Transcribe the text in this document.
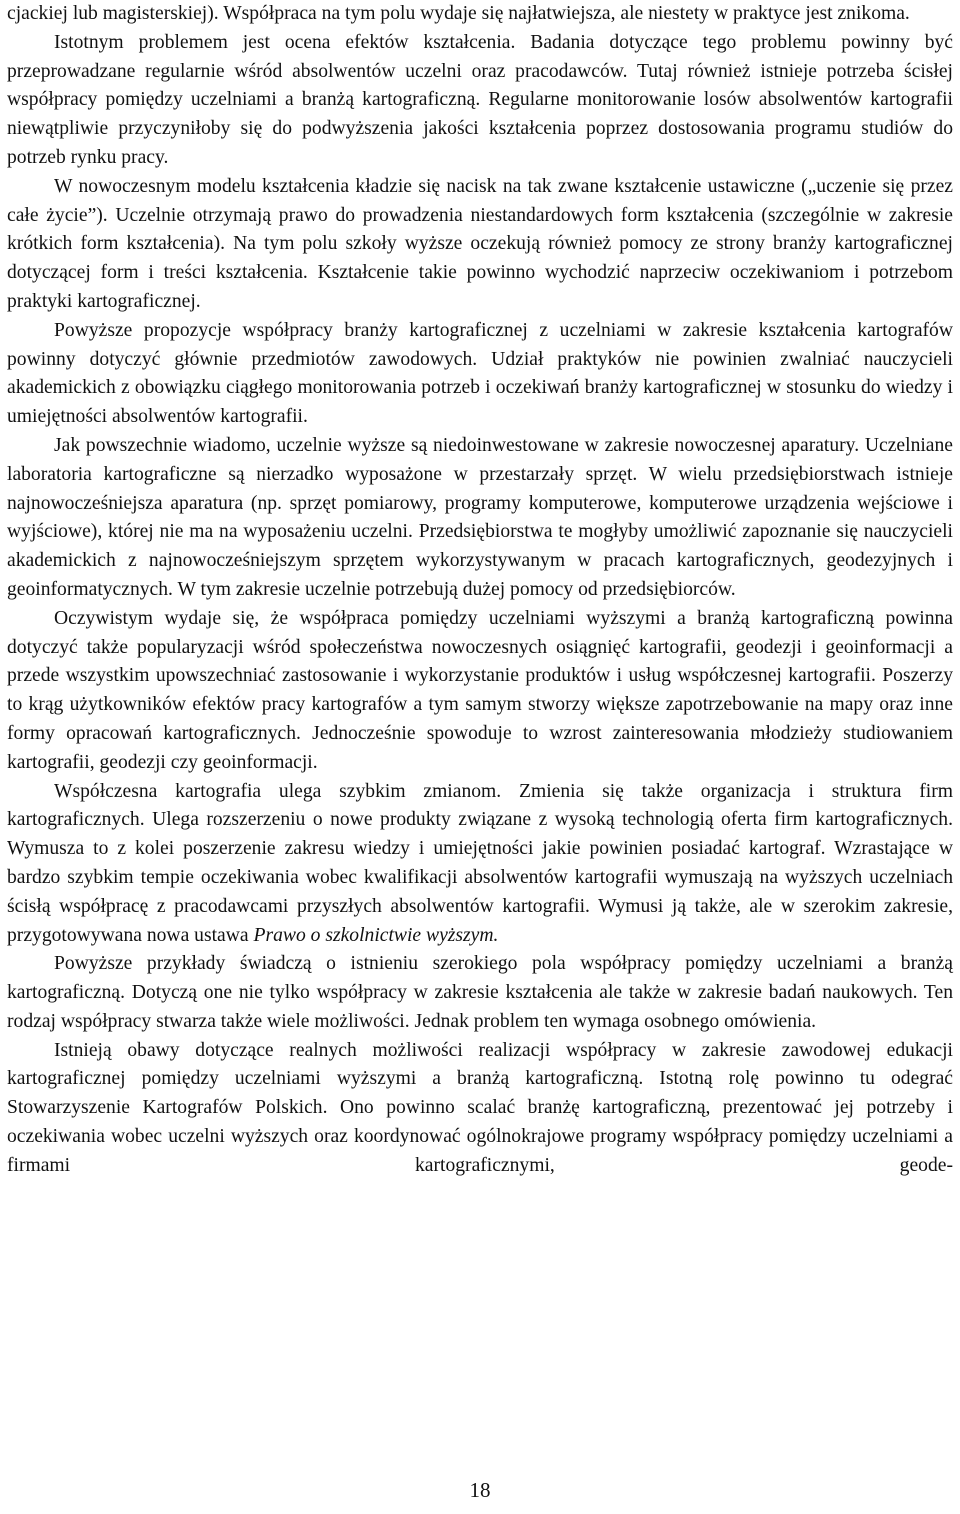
cjackiej lub magisterskiej). Współpraca na tym polu wydaje się najłatwiejsza, ale niestety w praktyce jest znikoma.

Istotnym problemem jest ocena efektów kształcenia. Badania dotyczące tego problemu powinny być przeprowadzane regularnie wśród absolwentów uczelni oraz pracodawców. Tutaj również istnieje potrzeba ścisłej współpracy pomiędzy uczelniami a branżą kartograficzną. Regularne monitorowanie losów absolwentów kartografii niewątpliwie przyczyniłoby się do podwyższenia jakości kształcenia poprzez dostosowania programu studiów do potrzeb rynku pracy.

W nowoczesnym modelu kształcenia kładzie się nacisk na tak zwane kształcenie ustawiczne („uczenie się przez całe życie”). Uczelnie otrzymają prawo do prowadzenia niestandardowych form kształcenia (szczególnie w zakresie krótkich form kształcenia). Na tym polu szkoły wyższe oczekują również pomocy ze strony branży kartograficznej dotyczącej form i treści kształcenia. Kształcenie takie powinno wychodzić naprzeciw oczekiwaniom i potrzebom praktyki kartograficznej.

Powyższe propozycje współpracy branży kartograficznej z uczelniami w zakresie kształcenia kartografów powinny dotyczyć głównie przedmiotów zawodowych. Udział praktyków nie powinien zwalniać nauczycieli akademickich z obowiązku ciągłego monitorowania potrzeb i oczekiwań branży kartograficznej w stosunku do wiedzy i umiejętności absolwentów kartografii.

Jak powszechnie wiadomo, uczelnie wyższe są niedoinwestowane w zakresie nowoczesnej aparatury. Uczelniane laboratoria kartograficzne są nierzadko wyposażone w przestarzały sprzęt. W wielu przedsiębiorstwach istnieje najnowocześniejsza aparatura (np. sprzęt pomiarowy, programy komputerowe, komputerowe urządzenia wejściowe i wyjściowe), której nie ma na wyposażeniu uczelni. Przedsiębiorstwa te mogłyby umożliwić zapoznanie się nauczycieli akademickich z najnowocześniejszym sprzętem wykorzystywanym w pracach kartograficznych, geodezyjnych i geoinformatycznych. W tym zakresie uczelnie potrzebują dużej pomocy od przedsiębiorców.

Oczywistym wydaje się, że współpraca pomiędzy uczelniami wyższymi a branżą kartograficzną powinna dotyczyć także popularyzacji wśród społeczeństwa nowoczesnych osiągnięć kartografii, geodezji i geoinformacji a przede wszystkim upowszechniać zastosowanie i wykorzystanie produktów i usług współczesnej kartografii. Poszerzy to krąg użytkowników efektów pracy kartografów a tym samym stworzy większe zapotrzebowanie na mapy oraz inne formy opracowań kartograficznych. Jednocześnie spowoduje to wzrost zainteresowania młodzieży studiowaniem kartografii, geodezji czy geoinformacji.

Współczesna kartografia ulega szybkim zmianom. Zmienia się także organizacja i struktura firm kartograficznych. Ulega rozszerzeniu o nowe produkty związane z wysoką technologią oferta firm kartograficznych. Wymusza to z kolei poszerzenie zakresu wiedzy i umiejętności jakie powinien posiadać kartograf. Wzrastające w bardzo szybkim tempie oczekiwania wobec kwalifikacji absolwentów kartografii wymuszają na wyższych uczelniach ścisłą współpracę z pracodawcami przyszłych absolwentów kartografii. Wymusi ją także, ale w szerokim zakresie, przygotowywana nowa ustawa Prawo o szkolnictwie wyższym.

Powyższe przykłady świadczą o istnieniu szerokiego pola współpracy pomiędzy uczelniami a branżą kartograficzną. Dotyczą one nie tylko współpracy w zakresie kształcenia ale także w zakresie badań naukowych. Ten rodzaj współpracy stwarza także wiele możliwości. Jednak problem ten wymaga osobnego omówienia.

Istnieją obawy dotyczące realnych możliwości realizacji współpracy w zakresie zawodowej edukacji kartograficznej pomiędzy uczelniami wyższymi a branżą kartograficzną. Istotną rolę powinno tu odegrać Stowarzyszenie Kartografów Polskich. Ono powinno scalać branżę kartograficzną, prezentować jej potrzeby i oczekiwania wobec uczelni wyższych oraz koordynować ogólnokrajowe programy współpracy pomiędzy uczelniami a firmami kartograficznymi, geode-

18
